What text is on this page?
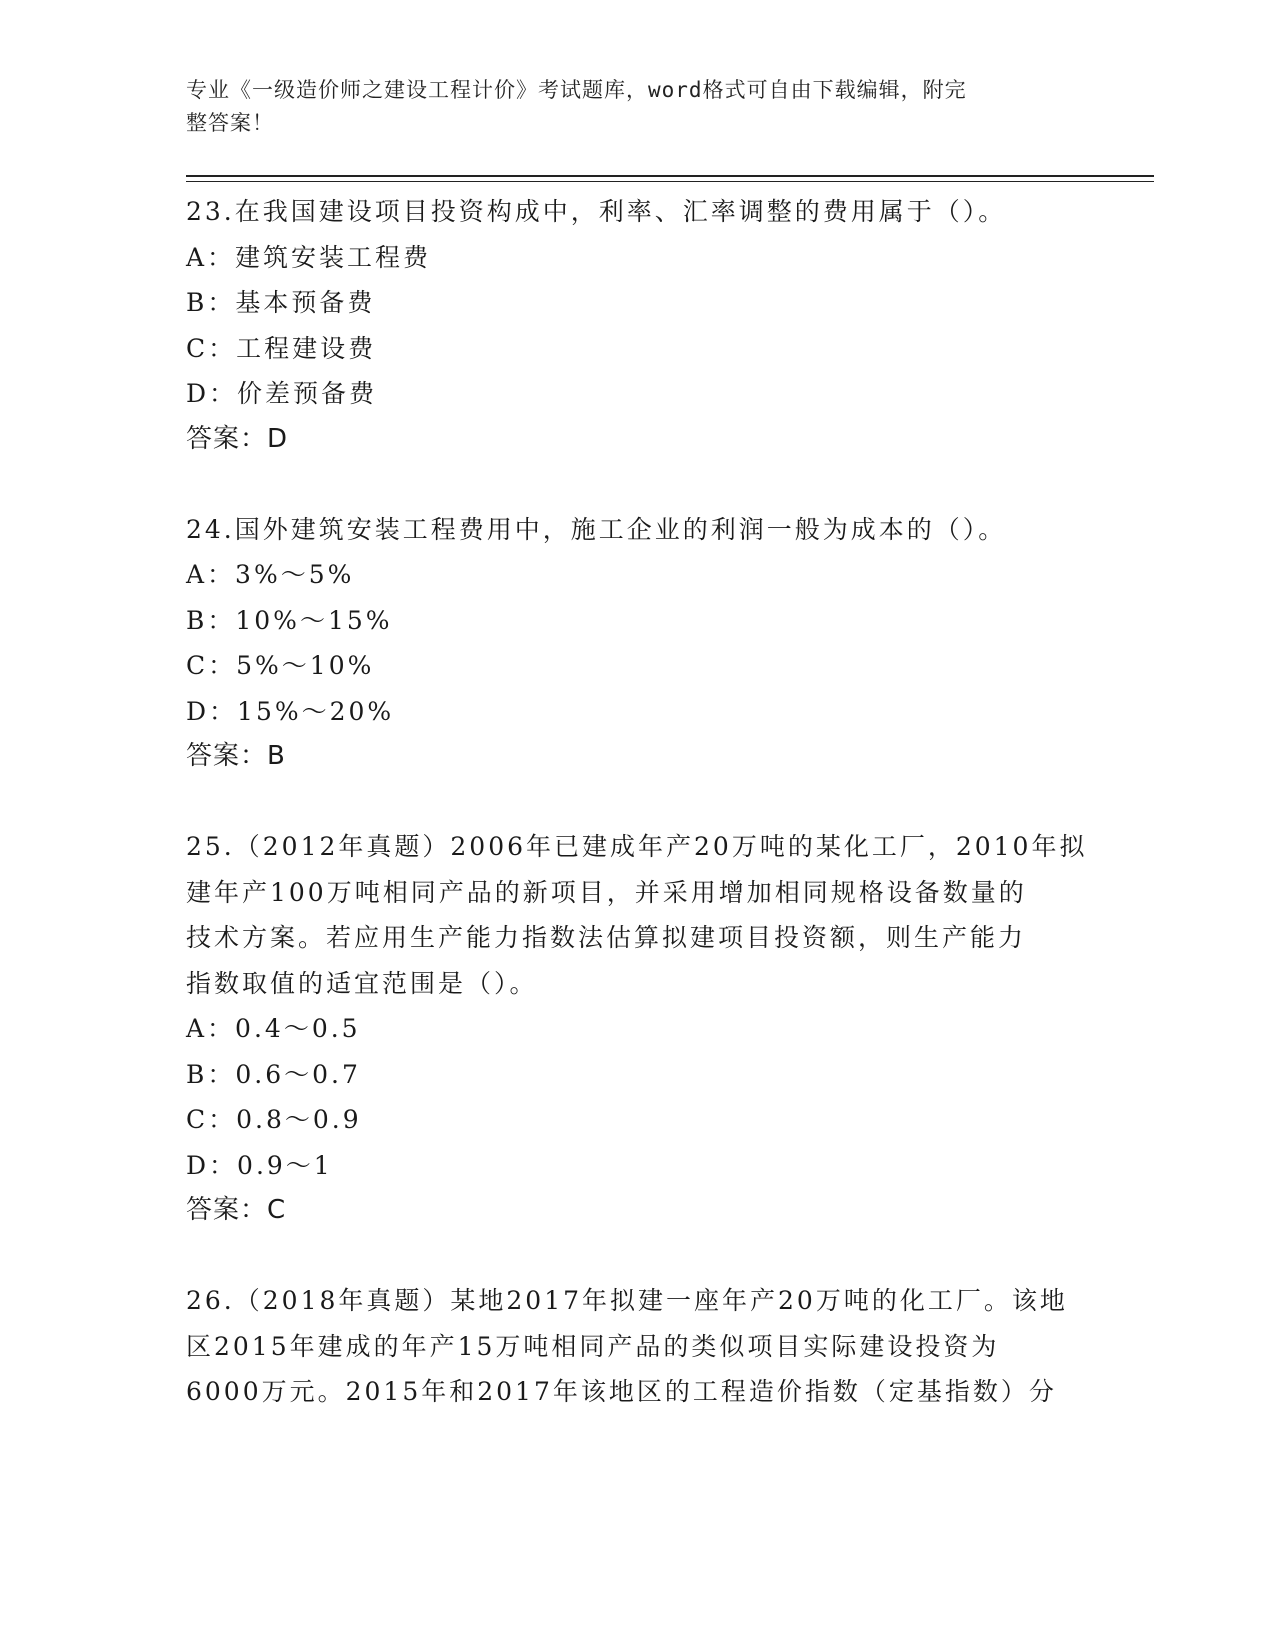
专业《一级造价师之建设工程计价》考试题库，word格式可自由下载编辑，附完
整答案！
23.在我国建设项目投资构成中，利率、汇率调整的费用属于（）。
A：建筑安装工程费
B：基本预备费
C：工程建设费
D：价差预备费
答案：D
24.国外建筑安装工程费用中，施工企业的利润一般为成本的（）。
A：3%～5%
B：10%～15%
C：5%～10%
D：15%～20%
答案：B
25.（2012年真题）2006年已建成年产20万吨的某化工厂，2010年拟
建年产100万吨相同产品的新项目，并采用增加相同规格设备数量的
技术方案。若应用生产能力指数法估算拟建项目投资额，则生产能力
指数取值的适宜范围是（）。
A：0.4～0.5
B：0.6～0.7
C：0.8～0.9
D：0.9～1
答案：C
26.（2018年真题）某地2017年拟建一座年产20万吨的化工厂。该地
区2015年建成的年产15万吨相同产品的类似项目实际建设投资为
6000万元。2015年和2017年该地区的工程造价指数（定基指数）分
